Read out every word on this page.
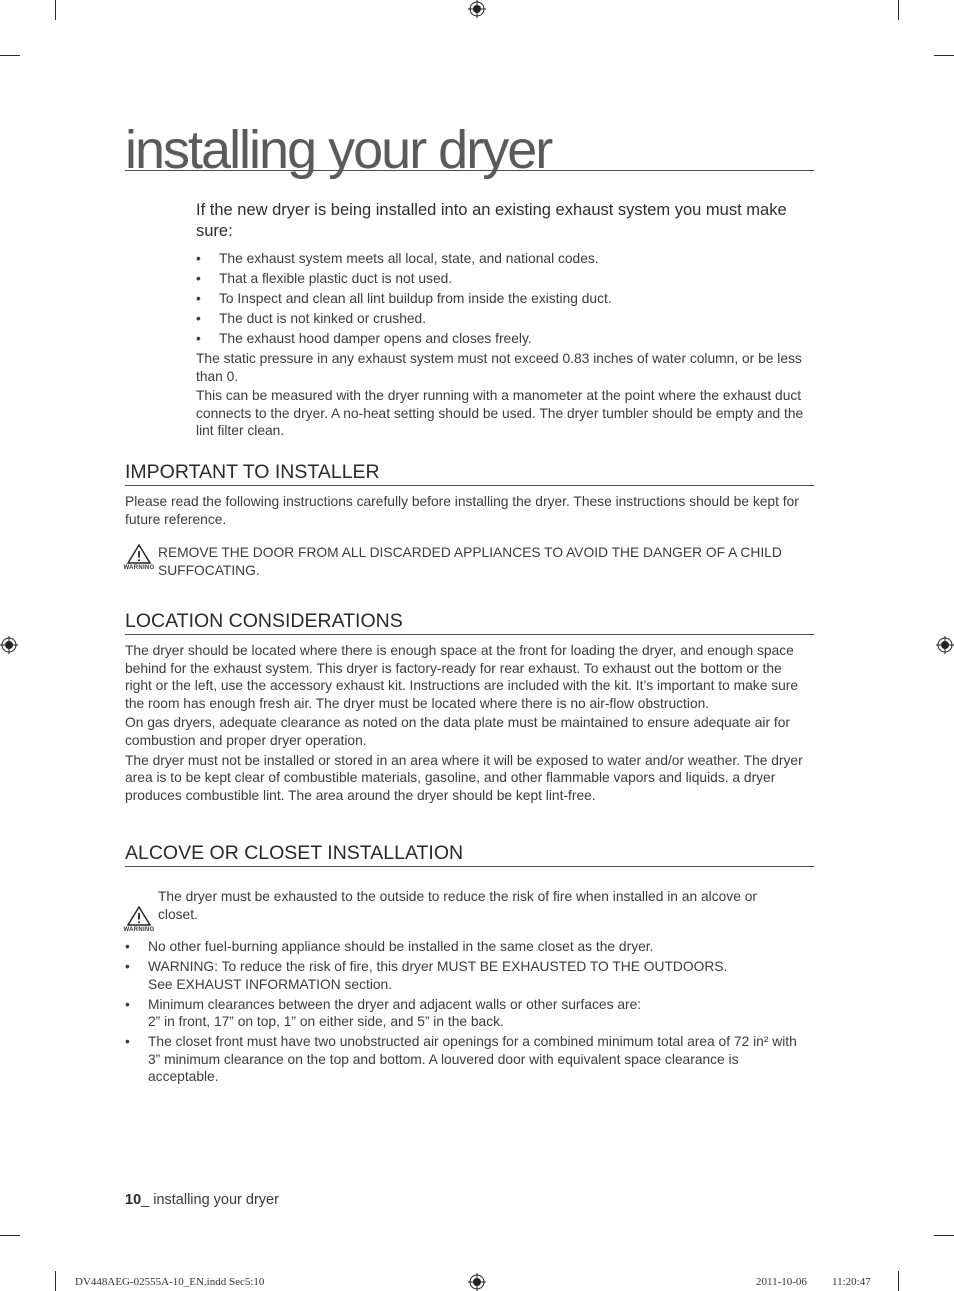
installing your dryer

If the new dryer is being installed into an existing exhaust system you must make sure:

• The exhaust system meets all local, state, and national codes.
• That a flexible plastic duct is not used.
• To Inspect and clean all lint buildup from inside the existing duct.
• The duct is not kinked or crushed.
• The exhaust hood damper opens and closes freely.

The static pressure in any exhaust system must not exceed 0.83 inches of water column, or be less than 0.

This can be measured with the dryer running with a manometer at the point where the exhaust duct connects to the dryer. A no-heat setting should be used. The dryer tumbler should be empty and the lint filter clean.

IMPORTANT TO INSTALLER

Please read the following instructions carefully before installing the dryer. These instructions should be kept for future reference.

WARNING
REMOVE THE DOOR FROM ALL DISCARDED APPLIANCES TO AVOID THE DANGER OF A CHILD SUFFOCATING.
LOCATION CONSIDERATIONS

The dryer should be located where there is enough space at the front for loading the dryer, and enough space behind for the exhaust system. This dryer is factory-ready for rear exhaust. To exhaust out the bottom or the right or the left, use the accessory exhaust kit. Instructions are included with the kit. It’s important to make sure the room has enough fresh air. The dryer must be located where there is no air-flow obstruction.

On gas dryers, adequate clearance as noted on the data plate must be maintained to ensure adequate air for combustion and proper dryer operation.

The dryer must not be installed or stored in an area where it will be exposed to water and/or weather. The dryer area is to be kept clear of combustible materials, gasoline, and other flammable vapors and liquids. a dryer produces combustible lint. The area around the dryer should be kept lint-free.

ALCOVE OR CLOSET INSTALLATION
WARNING
The dryer must be exhausted to the outside to reduce the risk of fire when installed in an alcove or closet.
• No other fuel-burning appliance should be installed in the same closet as the dryer.
• WARNING: To reduce the risk of fire, this dryer MUST BE EXHAUSTED TO THE OUTDOORS.
See EXHAUST INFORMATION section.
• Minimum clearances between the dryer and adjacent walls or other surfaces are:
2” in front, 17” on top, 1” on either side, and 5” in the back.
• The closet front must have two unobstructed air openings for a combined minimum total area of 72 in² with 3” minimum clearance on the top and bottom. A louvered door with equivalent space clearance is acceptable.
10_ installing your dryer
DV448AEG-02555A-10_EN.indd Sec5:10	2011-10-06 11:20:47
